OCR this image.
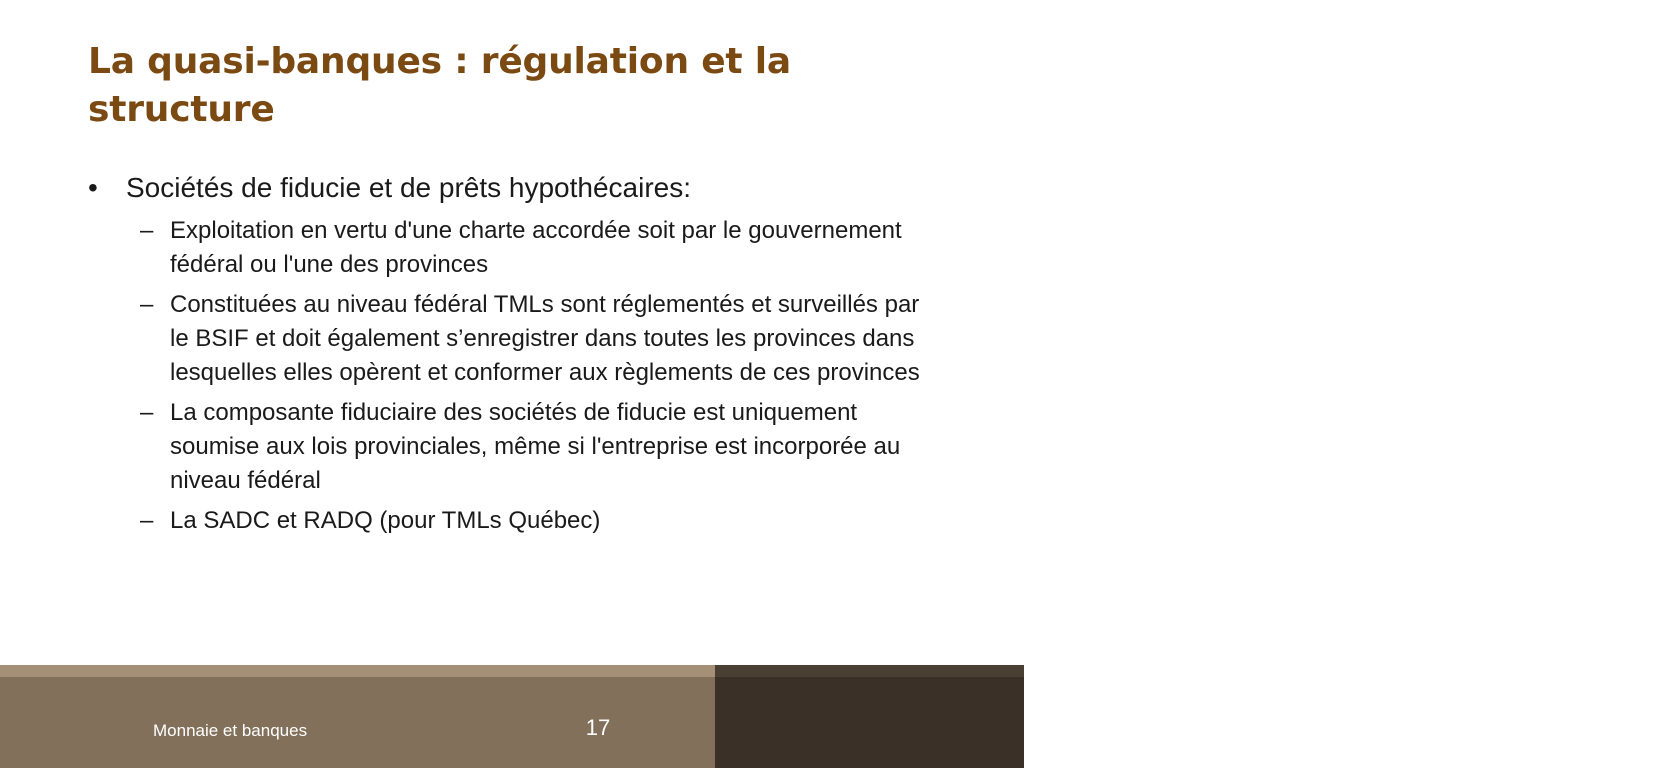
La quasi-banques : régulation et la structure
•	Sociétés de fiducie et de prêts hypothécaires:
– Exploitation en vertu d'une charte accordée soit par le gouvernement fédéral ou l'une des provinces
– Constituées au niveau fédéral TMLs sont réglementés et surveillés par le BSIF et doit également s’enregistrer dans toutes les provinces dans lesquelles elles opèrent et conformer aux règlements de ces provinces
– La composante fiduciaire des sociétés de fiducie est uniquement soumise aux lois provinciales, même si l'entreprise est incorporée au niveau fédéral
– La SADC et RADQ (pour TMLs Québec)
Monnaie et banques	17	uOttawa
